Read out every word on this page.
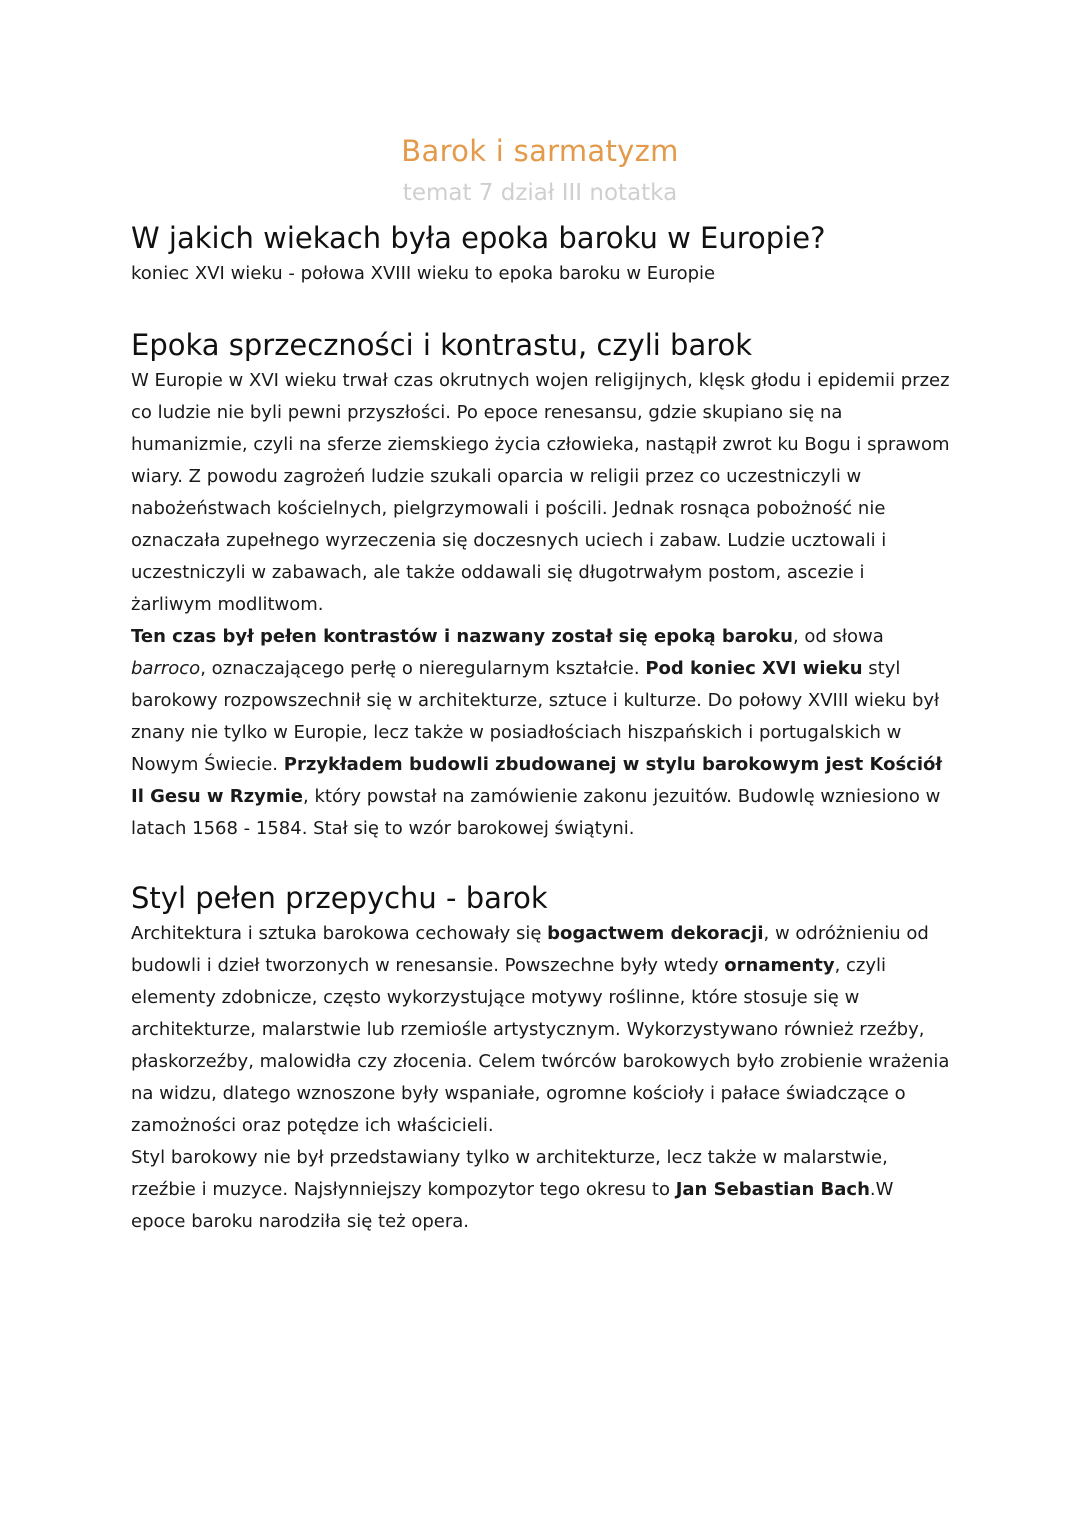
Barok i sarmatyzm
temat 7 dział III notatka
W jakich wiekach była epoka baroku w Europie?

koniec XVI wieku - połowa XVIII wieku to epoka baroku w Europie

Epoka sprzeczności i kontrastu, czyli barok

W Europie w XVI wieku trwał czas okrutnych wojen religijnych, klęsk głodu i epidemii przez co ludzie nie byli pewni przyszłości. Po epoce renesansu, gdzie skupiano się na humanizmie, czyli na sferze ziemskiego życia człowieka, nastąpił zwrot ku Bogu i sprawom wiary. Z powodu zagrożeń ludzie szukali oparcia w religii przez co uczestniczyli w nabożeństwach kościelnych, pielgrzymowali i pościli. Jednak rosnąca pobożność nie oznaczała zupełnego wyrzeczenia się doczesnych uciech i zabaw. Ludzie ucztowali i uczestniczyli w zabawach, ale także oddawali się długotrwałym postom, ascezie i żarliwym modlitwom.

Ten czas był pełen kontrastów i nazwany został się epoką baroku, od słowa barroco, oznaczającego perłę o nieregularnym kształcie. Pod koniec XVI wieku styl barokowy rozpowszechnił się w architekturze, sztuce i kulturze. Do połowy XVIII wieku był znany nie tylko w Europie, lecz także w posiadłościach hiszpańskich i portugalskich w Nowym Świecie. Przykładem budowli zbudowanej w stylu barokowym jest Kościół Il Gesu w Rzymie, który powstał na zamówienie zakonu jezuitów. Budowlę wzniesiono w latach 1568 - 1584. Stał się to wzór barokowej świątyni.

Styl pełen przepychu - barok

Architektura i sztuka barokowa cechowały się bogactwem dekoracji, w odróżnieniu od budowli i dzieł tworzonych w renesansie. Powszechne były wtedy ornamenty, czyli elementy zdobnicze, często wykorzystujące motywy roślinne, które stosuje się w architekturze, malarstwie lub rzemiośle artystycznym. Wykorzystywano również rzeźby, płaskorzeźby, malowidła czy złocenia. Celem twórców barokowych było zrobienie wrażenia na widzu, dlatego wznoszone były wspaniałe, ogromne kościoły i pałace świadczące o zamożności oraz potędze ich właścicieli.

Styl barokowy nie był przedstawiany tylko w architekturze, lecz także w malarstwie, rzeźbie i muzyce. Najsłynniejszy kompozytor tego okresu to Jan Sebastian Bach.W epoce baroku narodziła się też opera.
